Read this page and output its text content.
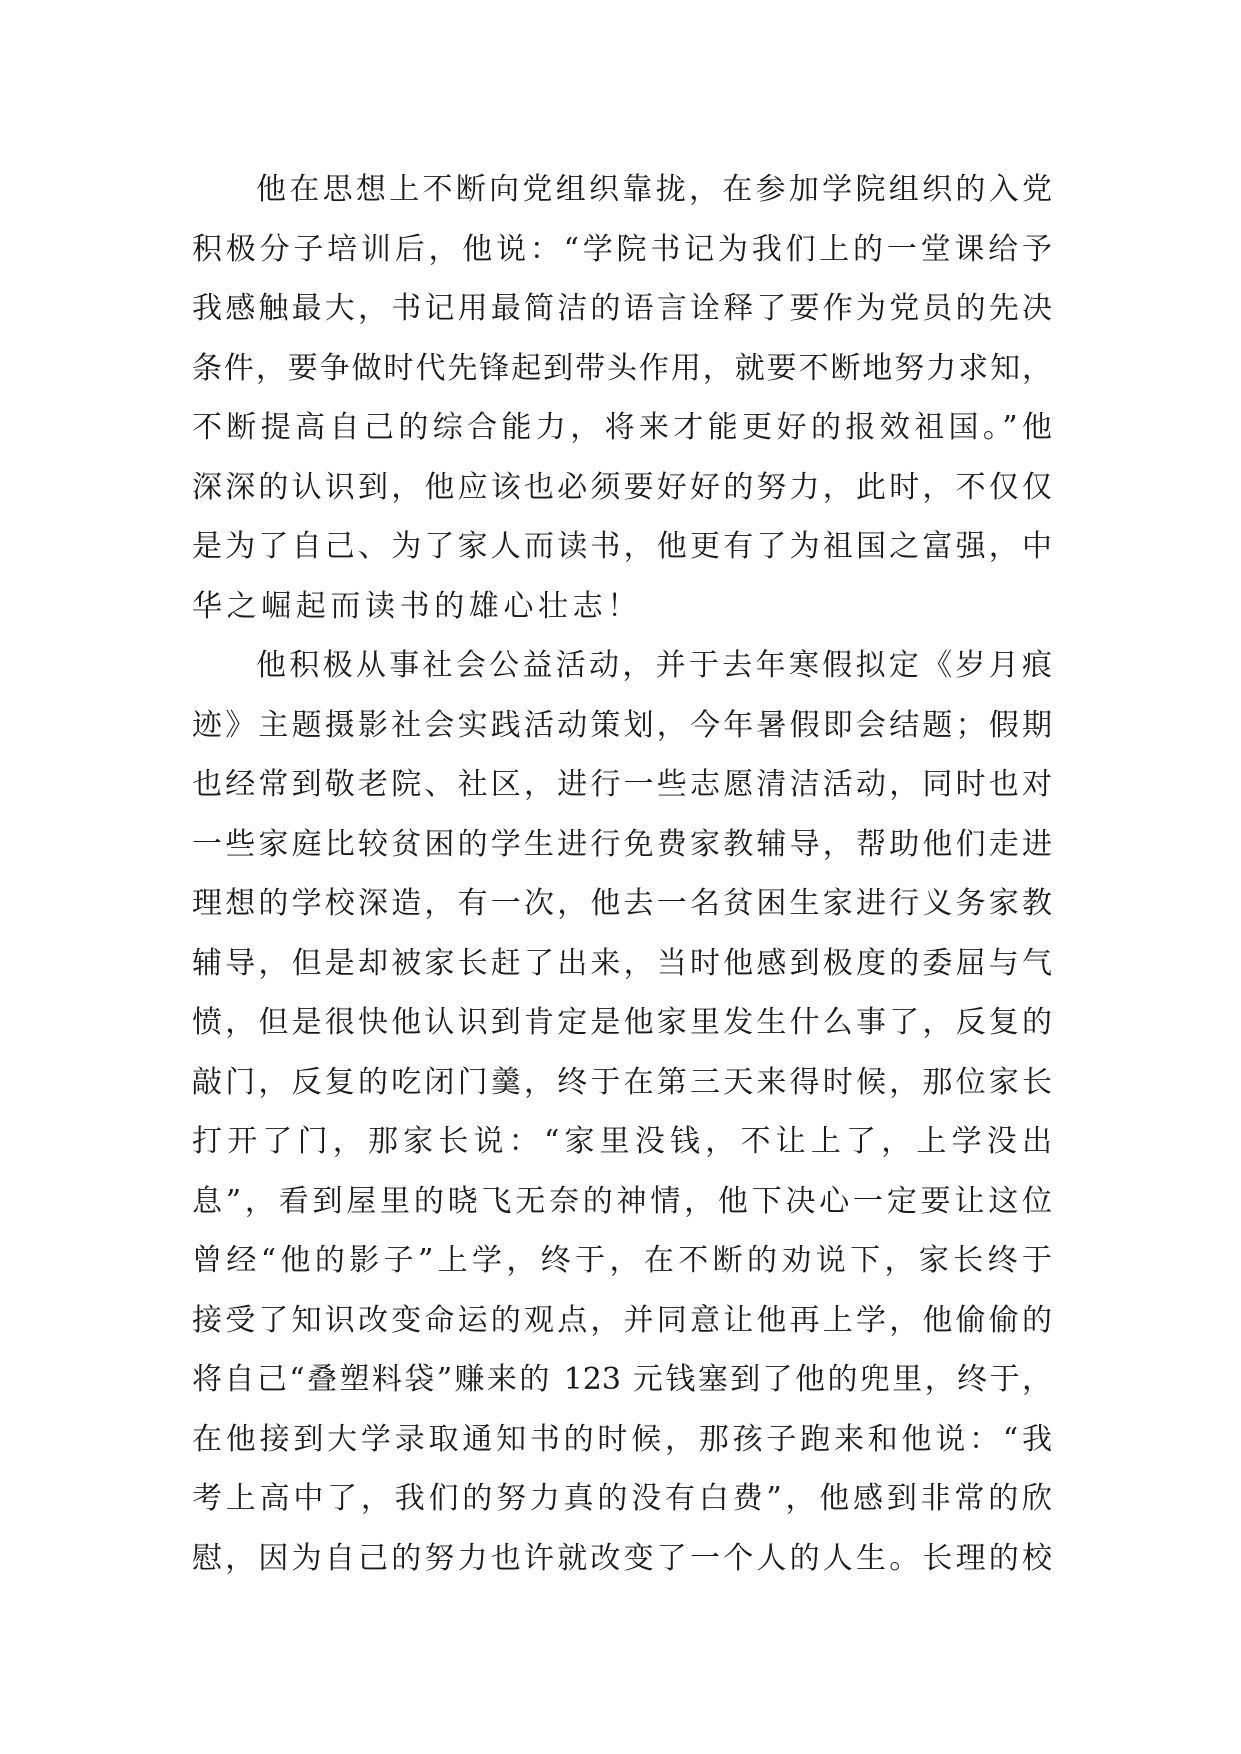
他在思想上不断向党组织靠拢，在参加学院组织的入党
积极分子培训后，他说：“学院书记为我们上的一堂课给予
我感触最大，书记用最简洁的语言诠释了要作为党员的先决
条件，要争做时代先锋起到带头作用，就要不断地努力求知，
不断提高自己的综合能力，将来才能更好的报效祖国。”他
深深的认识到，他应该也必须要好好的努力，此时，不仅仅
是为了自己、为了家人而读书，他更有了为祖国之富强，中
华之崛起而读书的雄心壮志！
他积极从事社会公益活动，并于去年寒假拟定《岁月痕
迹》主题摄影社会实践活动策划，今年暑假即会结题；假期
也经常到敬老院、社区，进行一些志愿清洁活动，同时也对
一些家庭比较贫困的学生进行免费家教辅导，帮助他们走进
理想的学校深造，有一次，他去一名贫困生家进行义务家教
辅导，但是却被家长赶了出来，当时他感到极度的委屈与气
愤，但是很快他认识到肯定是他家里发生什么事了，反复的
敲门，反复的吃闭门羹，终于在第三天来得时候，那位家长
打开了门，那家长说：“家里没钱，不让上了，上学没出
息”，看到屋里的晓飞无奈的神情，他下决心一定要让这位
曾经“他的影子”上学，终于，在不断的劝说下，家长终于
接受了知识改变命运的观点，并同意让他再上学，他偷偷的
将自己“叠塑料袋”赚来的 123 元钱塞到了他的兜里，终于，
在他接到大学录取通知书的时候，那孩子跑来和他说：“我
考上高中了，我们的努力真的没有白费”，他感到非常的欣
慰，因为自己的努力也许就改变了一个人的人生。长理的校
